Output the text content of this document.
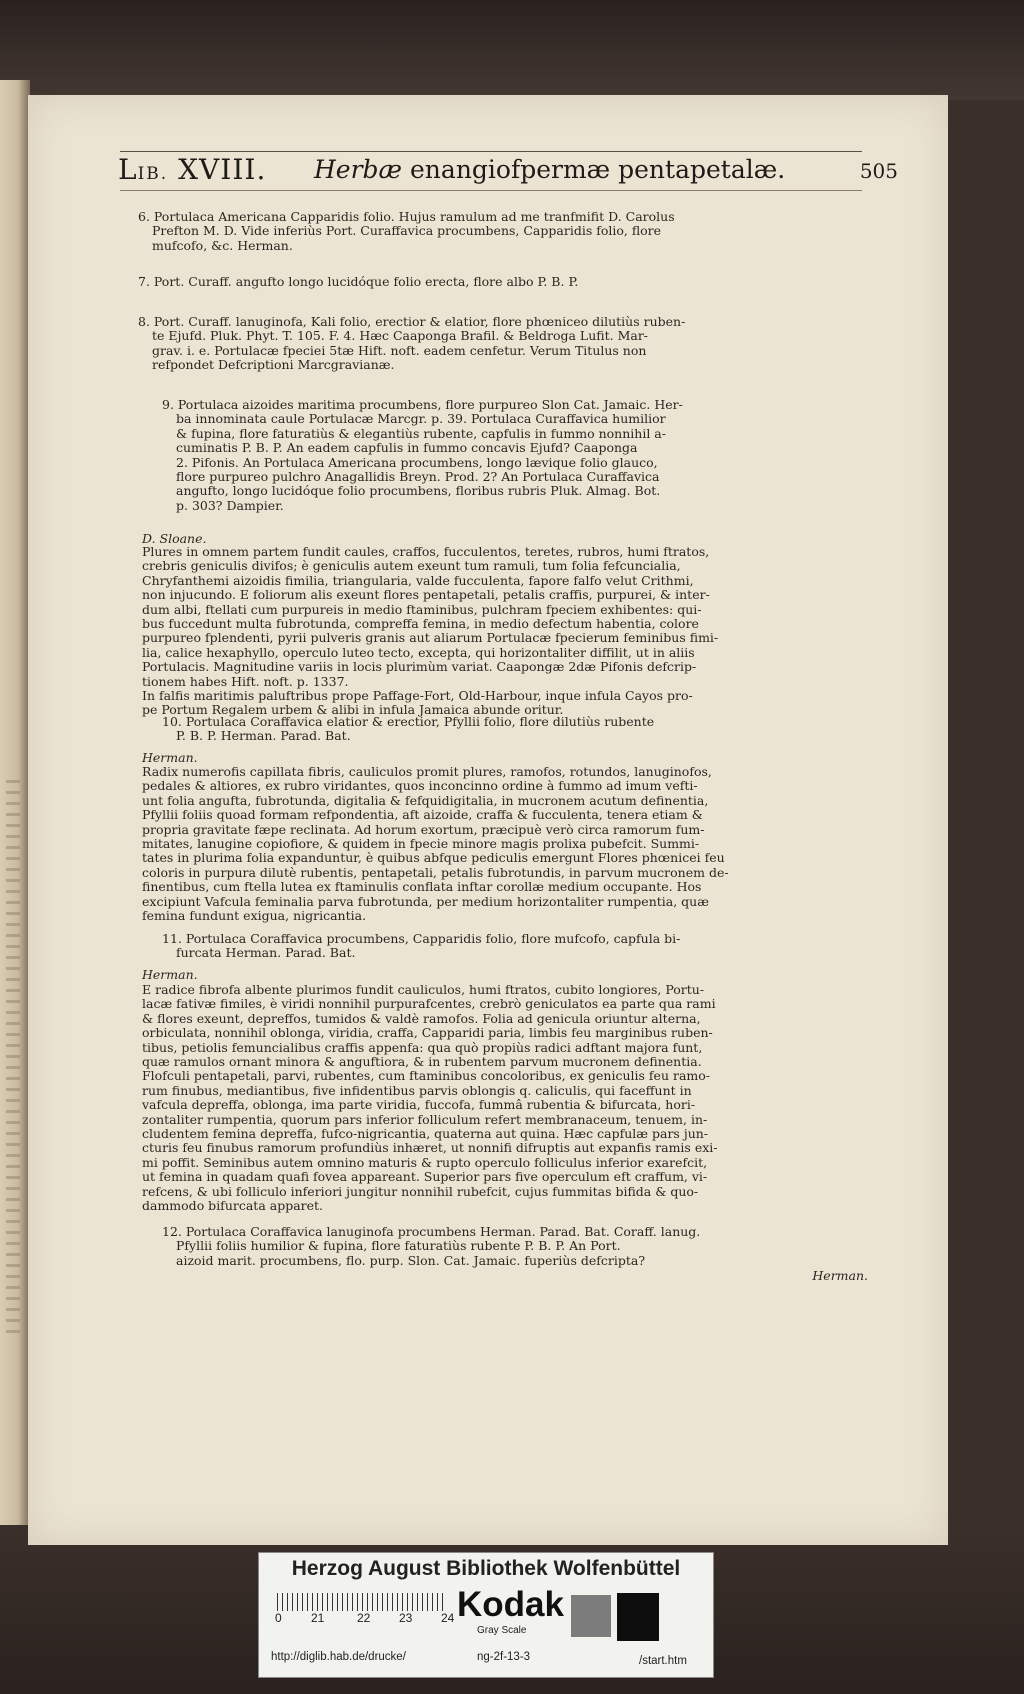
LIB. XVIII. Herbæ enangiofpermæ pentapetalæ.	505
6. Portulaca Americana Capparidis folio. Hujus ramulum ad me tranfmifit D. Carolus
Prefton M. D. Vide inferiùs Port. Curaffavica procumbens, Capparidis folio, flore
mufcofo, &c. Herman.
7. Port. Curaff. angufto longo lucidóque folio erecta, flore albo P. B. P.
8. Port. Curaff. lanuginofa, Kali folio, erectior & elatior, flore phœniceo dilutiùs ruben-
te Ejufd. Pluk. Phyt. T. 105. F. 4. Hæc Caaponga Brafil. & Beldroga Lufit. Mar-
grav. i. e. Portulacæ fpeciei 5tæ Hift. noft. eadem cenfetur. Verum Titulus non
refpondet Defcriptioni Marcgravianæ.
9. Portulaca aizoides maritima procumbens, flore purpureo Slon Cat. Jamaic. Her-
ba innominata caule Portulacæ Marcgr. p. 39. Portulaca Curaffavica humilior
& fupina, flore faturatiùs & elegantiùs rubente, capfulis in fummo nonnihil a-
cuminatis P. B. P. An eadem capfulis in fummo concavis Ejufd? Caaponga
2. Pifonis. An Portulaca Americana procumbens, longo lævique folio glauco,
flore purpureo pulchro Anagallidis Breyn. Prod. 2? An Portulaca Curaffavica
angufto, longo lucidóque folio procumbens, floribus rubris Pluk. Almag. Bot.
p. 303? Dampier.
D. Sloane.
Plures in omnem partem fundit caules, craffos, fucculentos, teretes, rubros, humi ftratos,
crebris geniculis divifos; è geniculis autem exeunt tum ramuli, tum folia fefcuncialia,
Chryfanthemi aizoidis fimilia, triangularia, valde fucculenta, fapore falfo velut Crithmi,
non injucundo. E foliorum alis exeunt flores pentapetali, petalis craffis, purpurei, & inter-
dum albi, ftellati cum purpureis in medio ftaminibus, pulchram fpeciem exhibentes: qui-
bus fuccedunt multa fubrotunda, compreffa femina, in medio defectum habentia, colore
purpureo fplendenti, pyrii pulveris granis aut aliarum Portulacæ fpecierum feminibus fimi-
lia, calice hexaphyllo, operculo luteo tecto, excepta, qui horizontaliter diffilit, ut in aliis
Portulacis. Magnitudine variis in locis plurimùm variat. Caapongæ 2dæ Pifonis defcrip-
tionem habes Hift. noft. p. 1337.
In falfis maritimis paluftribus prope Paffage-Fort, Old-Harbour, inque infula Cayos pro-
pe Portum Regalem urbem & alibi in infula Jamaica abunde oritur.
10. Portulaca Coraffavica elatior & erectior, Pfyllii folio, flore dilutiùs rubente
P. B. P. Herman. Parad. Bat.
Herman.
Radix numerofis capillata fibris, cauliculos promit plures, ramofos, rotundos, lanuginofos,
pedales & altiores, ex rubro viridantes, quos inconcinno ordine à fummo ad imum vefti-
unt folia angufta, fubrotunda, digitalia & fefquidigitalia, in mucronem acutum definentia,
Pfyllii foliis quoad formam refpondentia, aft aizoide, craffa & fucculenta, tenera etiam &
propria gravitate fæpe reclinata. Ad horum exortum, præcipuè verò circa ramorum fum-
mitates, lanugine copiofiore, & quidem in fpecie minore magis prolixa pubefcit. Summi-
tates in plurima folia expanduntur, è quibus abfque pediculis emergunt Flores phœnicei feu
coloris in purpura dilutè rubentis, pentapetali, petalis fubrotundis, in parvum mucronem de-
finentibus, cum ftella lutea ex ftaminulis conflata inftar corollæ medium occupante. Hos
excipiunt Vafcula feminalia parva fubrotunda, per medium horizontaliter rumpentia, quæ
femina fundunt exigua, nigricantia.
11. Portulaca Coraffavica procumbens, Capparidis folio, flore mufcofo, capfula bi-
furcata Herman. Parad. Bat.
Herman.
E radice fibrofa albente plurimos fundit cauliculos, humi ftratos, cubito longiores, Portu-
lacæ fativæ fimiles, è viridi nonnihil purpurafcentes, crebrò geniculatos ea parte qua rami
& flores exeunt, depreffos, tumidos & valdè ramofos. Folia ad genicula oriuntur alterna,
orbiculata, nonnihil oblonga, viridia, craffa, Capparidi paria, limbis feu marginibus ruben-
tibus, petiolis femuncialibus craffis appenfa: qua quò propiùs radici adftant majora funt,
quæ ramulos ornant minora & anguftiora, & in rubentem parvum mucronem definentia.
Flofculi pentapetali, parvi, rubentes, cum ftaminibus concoloribus, ex geniculis feu ramo-
rum finubus, mediantibus, five infidentibus parvis oblongis q. caliculis, qui faceffunt in
vafcula depreffa, oblonga, ima parte viridia, fuccofa, fummâ rubentia & bifurcata, hori-
zontaliter rumpentia, quorum pars inferior folliculum refert membranaceum, tenuem, in-
cludentem femina depreffa, fufco-nigricantia, quaterna aut quina. Hæc capfulæ pars jun-
cturis feu finubus ramorum profundiùs inhæret, ut nonnifi difruptis aut expanfis ramis exi-
mi poffit. Seminibus autem omnino maturis & rupto operculo folliculus inferior exarefcit,
ut femina in quadam quafi fovea appareant. Superior pars five operculum eft craffum, vi-
refcens, & ubi folliculo inferiori jungitur nonnihil rubefcit, cujus fummitas bifida & quo-
dammodo bifurcata apparet.
12. Portulaca Coraffavica lanuginofa procumbens Herman. Parad. Bat. Coraff. lanug.
Pfyllii foliis humilior & fupina, flore faturatiùs rubente P. B. P. An Port.
aizoid marit. procumbens, flo. purp. Slon. Cat. Jamaic. fuperiùs defcripta?
Herman.
Herzog August Bibliothek Wolfenbüttel
0 21	22 23 24 Kodak
Gray Scale
http://diglib.hab.de/drucke/	ng-2f-13-3	/start.htm
